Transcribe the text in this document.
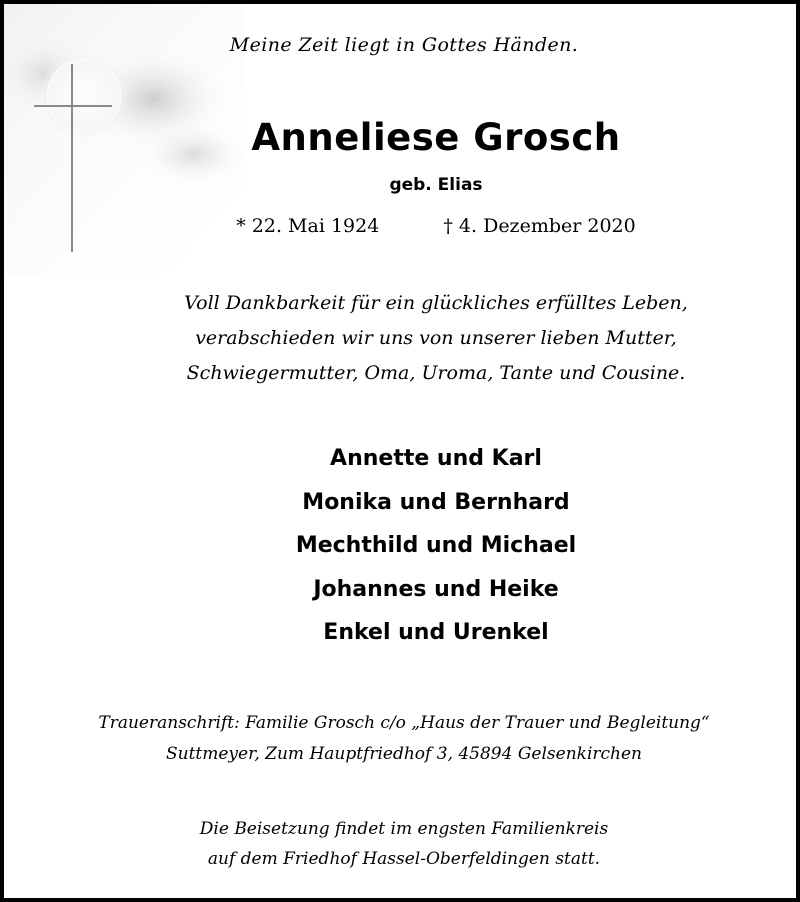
Meine Zeit liegt in Gottes Händen.
Anneliese Grosch
geb. Elias
* 22. Mai 1924	† 4. Dezember 2020
Voll Dankbarkeit für ein glückliches erfülltes Leben,
verabschieden wir uns von unserer lieben Mutter,
Schwiegermutter, Oma, Uroma, Tante und Cousine.
Annette und Karl
Monika und Bernhard
Mechthild und Michael
Johannes und Heike
Enkel und Urenkel
Traueranschrift: Familie Grosch c/o „Haus der Trauer und Begleitung“
Suttmeyer, Zum Hauptfriedhof 3, 45894 Gelsenkirchen
Die Beisetzung findet im engsten Familienkreis
auf dem Friedhof Hassel-Oberfeldingen statt.
